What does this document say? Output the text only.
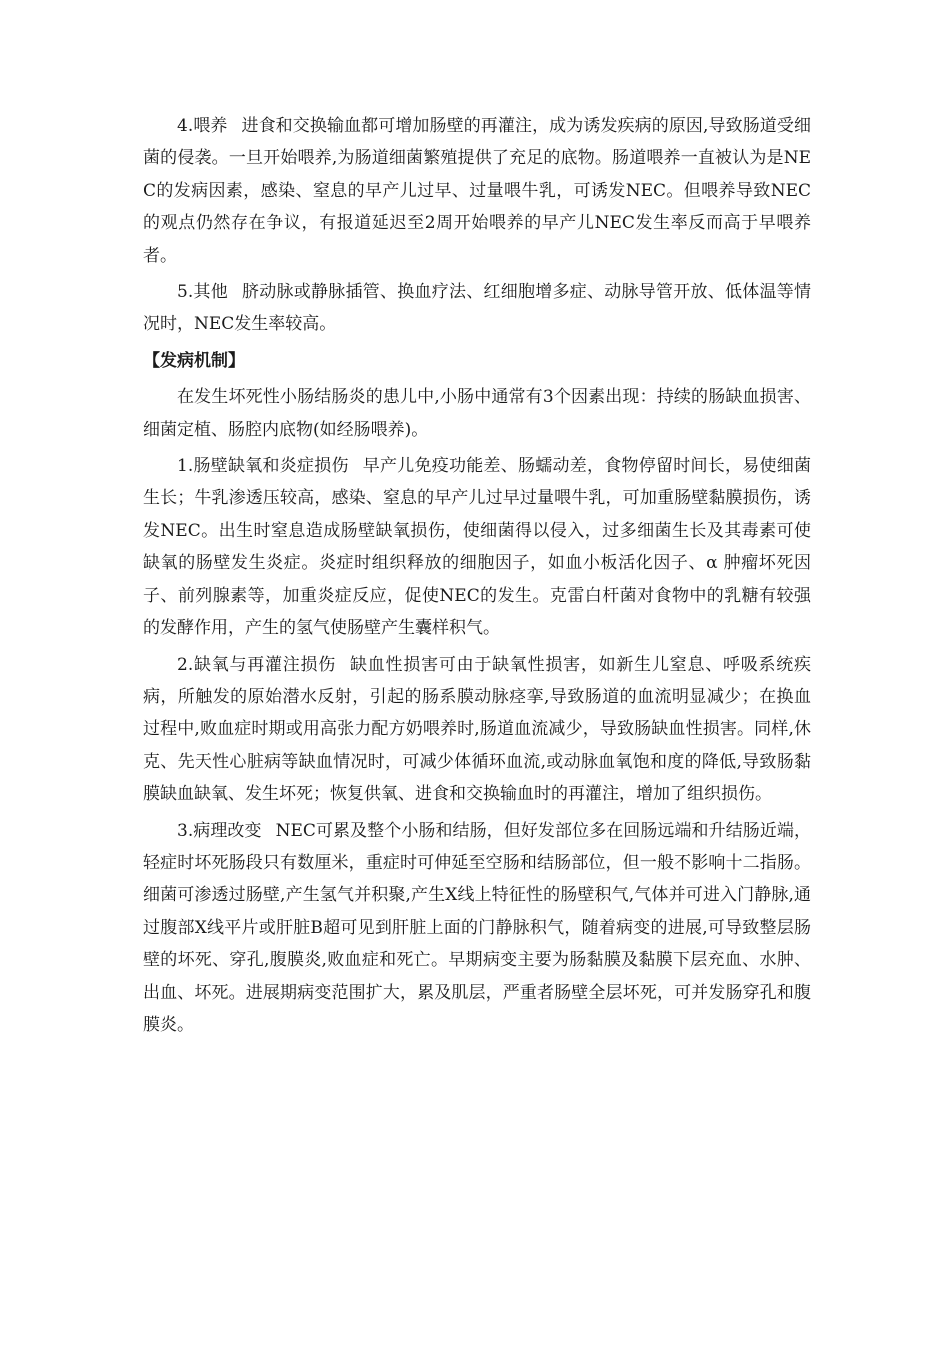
4.喂养 进食和交换输血都可增加肠壁的再灌注，成为诱发疾病的原因,导致肠道受细菌的侵袭。一旦开始喂养,为肠道细菌繁殖提供了充足的底物。肠道喂养一直被认为是NEC的发病因素，感染、窒息的早产儿过早、过量喂牛乳，可诱发NEC。但喂养导致NEC的观点仍然存在争议，有报道延迟至2周开始喂养的早产儿NEC发生率反而高于早喂养者。

5.其他 脐动脉或静脉插管、换血疗法、红细胞增多症、动脉导管开放、低体温等情况时，NEC发生率较高。

【发病机制】

在发生坏死性小肠结肠炎的患儿中,小肠中通常有3个因素出现：持续的肠缺血损害、细菌定植、肠腔内底物(如经肠喂养)。

1.肠壁缺氧和炎症损伤 早产儿免疫功能差、肠蠕动差，食物停留时间长，易使细菌生长；牛乳渗透压较高，感染、窒息的早产儿过早过量喂牛乳，可加重肠壁黏膜损伤，诱发NEC。出生时窒息造成肠壁缺氧损伤，使细菌得以侵入，过多细菌生长及其毒素可使缺氧的肠壁发生炎症。炎症时组织释放的细胞因子，如血小板活化因子、α 肿瘤坏死因子、前列腺素等，加重炎症反应，促使NEC的发生。克雷白杆菌对食物中的乳糖有较强的发酵作用，产生的氢气使肠壁产生囊样积气。

2.缺氧与再灌注损伤 缺血性损害可由于缺氧性损害，如新生儿窒息、呼吸系统疾病，所触发的原始潜水反射，引起的肠系膜动脉痉挛,导致肠道的血流明显减少；在换血过程中,败血症时期或用高张力配方奶喂养时,肠道血流减少，导致肠缺血性损害。同样,休克、先天性心脏病等缺血情况时，可减少体循环血流,或动脉血氧饱和度的降低,导致肠黏膜缺血缺氧、发生坏死；恢复供氧、进食和交换输血时的再灌注，增加了组织损伤。

3.病理改变 NEC可累及整个小肠和结肠，但好发部位多在回肠远端和升结肠近端，轻症时坏死肠段只有数厘米，重症时可伸延至空肠和结肠部位，但一般不影响十二指肠。细菌可渗透过肠壁,产生氢气并积聚,产生X线上特征性的肠壁积气,气体并可进入门静脉,通过腹部X线平片或肝脏B超可见到肝脏上面的门静脉积气，随着病变的进展,可导致整层肠壁的坏死、穿孔,腹膜炎,败血症和死亡。早期病变主要为肠黏膜及黏膜下层充血、水肿、出血、坏死。进展期病变范围扩大，累及肌层，严重者肠壁全层坏死，可并发肠穿孔和腹膜炎。
